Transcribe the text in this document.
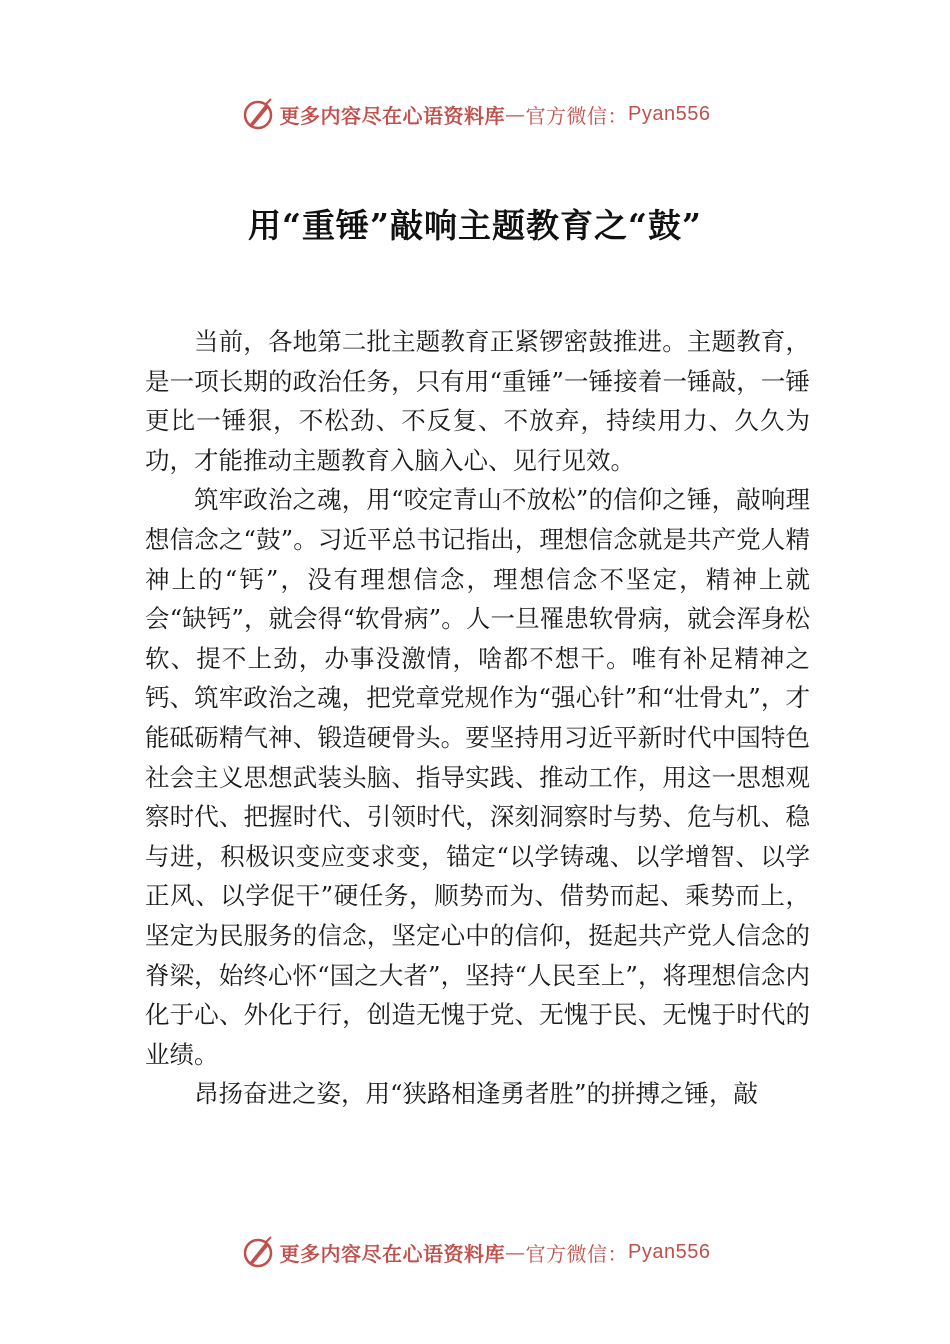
更多内容尽在心语资料库 — 官方微信： Pyan556
用“重锤”敲响主题教育之“鼓”

当前，各地第二批主题教育正紧锣密鼓推进。主题教育，是一项长期的政治任务，只有用“重锤”一锤接着一锤敲，一锤更比一锤狠，不松劲、不反复、不放弃，持续用力、久久为功，才能推动主题教育入脑入心、见行见效。

筑牢政治之魂，用“咬定青山不放松”的信仰之锤，敲响理想信念之“鼓”。习近平总书记指出，理想信念就是共产党人精神上的“钙”，没有理想信念，理想信念不坚定，精神上就会“缺钙”，就会得“软骨病”。人一旦罹患软骨病，就会浑身松软、提不上劲，办事没激情，啥都不想干。唯有补足精神之钙、筑牢政治之魂，把党章党规作为“强心针”和“壮骨丸”，才能砥砺精气神、锻造硬骨头。要坚持用习近平新时代中国特色社会主义思想武装头脑、指导实践、推动工作，用这一思想观察时代、把握时代、引领时代，深刻洞察时与势、危与机、稳与进，积极识变应变求变，锚定“以学铸魂、以学增智、以学正风、以学促干”硬任务，顺势而为、借势而起、乘势而上，坚定为民服务的信念，坚定心中的信仰，挺起共产党人信念的脊梁，始终心怀“国之大者”，坚持“人民至上”，将理想信念内化于心、外化于行，创造无愧于党、无愧于民、无愧于时代的业绩。

昂扬奋进之姿，用“狭路相逢勇者胜”的拼搏之锤，敲

更多内容尽在心语资料库 — 官方微信： Pyan556
